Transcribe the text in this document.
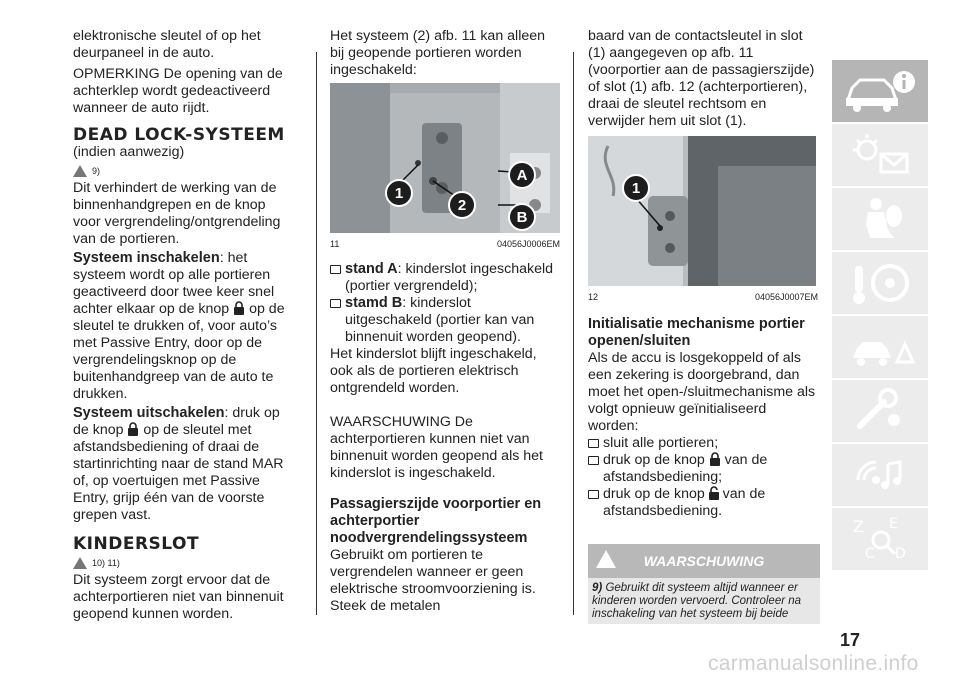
elektronische sleutel of op het deurpaneel in de auto.

OPMERKING De opening van de achterklep wordt gedeactiveerd wanneer de auto rijdt.

DEAD LOCK-SYSTEEM

(indien aanwezig)

9)

Dit verhindert de werking van de binnenhandgrepen en de knop voor vergrendeling/ontgrendeling van de portieren.

Systeem inschakelen: het systeem wordt op alle portieren geactiveerd door twee keer snel achter elkaar op de knop op de sleutel te drukken of, voor auto’s met Passive Entry, door op de vergrendelingsknop op de buitenhandgreep van de auto te drukken.

Systeem uitschakelen: druk op de knop op de sleutel met afstandsbediening of draai de startinrichting naar de stand MAR of, op voertuigen met Passive Entry, grijp één van de voorste grepen vast.

KINDERSLOT

10) 11)

Dit systeem zorgt ervoor dat de achterportieren niet van binnenuit geopend kunnen worden.

Het systeem (2) afb. 11 kan alleen bij geopende portieren worden ingeschakeld:

1
2
A
B
11	04056J0006EM

stand A: kinderslot ingeschakeld (portier vergrendeld);

stamd B: kinderslot uitgeschakeld (portier kan van binnenuit worden geopend).

Het kinderslot blijft ingeschakeld, ook als de portieren elektrisch ontgrendeld worden.

WAARSCHUWING De achterportieren kunnen niet van binnenuit worden geopend als het kinderslot is ingeschakeld.

Passagierszijde voorportier en achterportier noodvergrendelingssysteem

Gebruikt om portieren te vergrendelen wanneer er geen elektrische stroomvoorziening is. Steek de metalen

baard van de contactsleutel in slot (1) aangegeven op afb. 11 (voorportier aan de passagierszijde) of slot (1) afb. 12 (achterportieren), draai de sleutel rechtsom en verwijder hem uit slot (1).

1
12	04056J0007EM

Initialisatie mechanisme portier openen/sluiten

Als de accu is losgekoppeld of als een zekering is doorgebrand, dan moet het open-/sluitmechanisme als volgt opnieuw geïnitialiseerd worden:

sluit alle portieren;

druk op de knop van de afstandsbediening;

druk op de knop van de afstandsbediening.

WAARSCHUWING
9) Gebruikt dit systeem altijd wanneer er kinderen worden vervoerd. Controleer na inschakeling van het systeem bij beide
Z E
C D
17
carmanualsonline.info
